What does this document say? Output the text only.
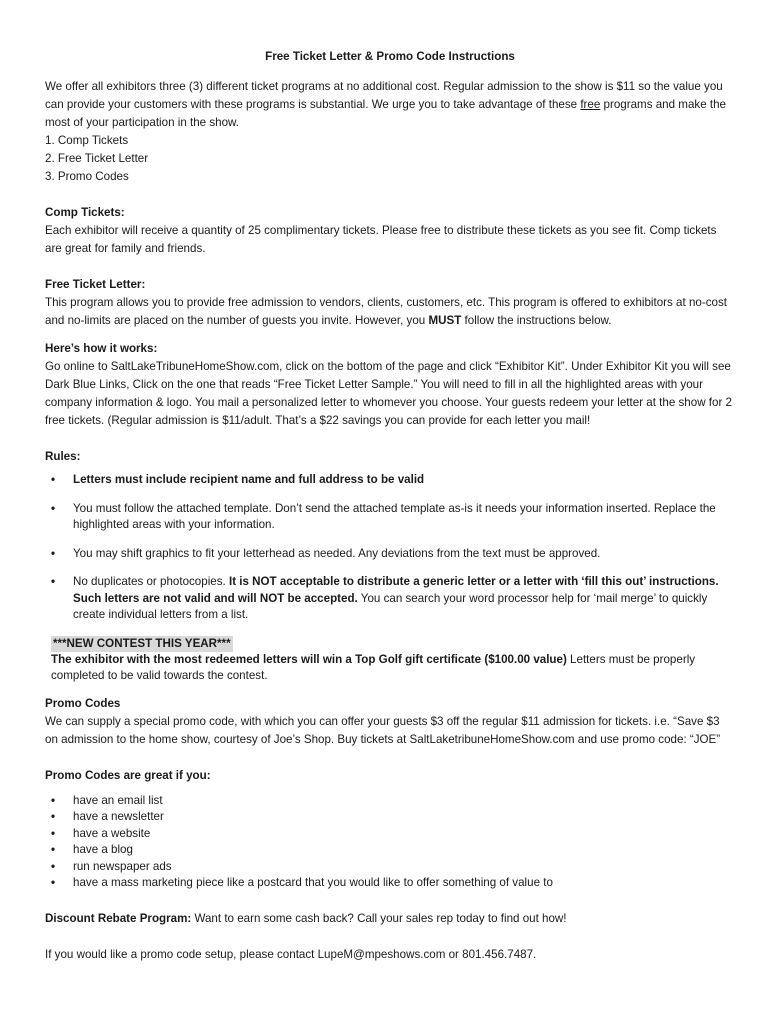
Free Ticket Letter & Promo Code Instructions

We offer all exhibitors three (3) different ticket programs at no additional cost. Regular admission to the show is $11 so the value you can provide your customers with these programs is substantial. We urge you to take advantage of these free programs and make the most of your participation in the show.

1. Comp Tickets

2. Free Ticket Letter

3. Promo Codes

Comp Tickets:

Each exhibitor will receive a quantity of 25 complimentary tickets. Please free to distribute these tickets as you see fit. Comp tickets are great for family and friends.

Free Ticket Letter:

This program allows you to provide free admission to vendors, clients, customers, etc. This program is offered to exhibitors at no-cost and no-limits are placed on the number of guests you invite. However, you MUST follow the instructions below.

Here’s how it works:

Go online to SaltLakeTribuneHomeShow.com, click on the bottom of the page and click “Exhibitor Kit”. Under Exhibitor Kit you will see Dark Blue Links, Click on the one that reads “Free Ticket Letter Sample.” You will need to fill in all the highlighted areas with your company information & logo. You mail a personalized letter to whomever you choose. Your guests redeem your letter at the show for 2 free tickets. (Regular admission is $11/adult. That’s a $22 savings you can provide for each letter you mail!

Rules:

• Letters must include recipient name and full address to be valid
• You must follow the attached template. Don’t send the attached template as-is it needs your information inserted. Replace the highlighted areas with your information.
• You may shift graphics to fit your letterhead as needed. Any deviations from the text must be approved.
• No duplicates or photocopies. It is NOT acceptable to distribute a generic letter or a letter with ‘fill this out’ instructions. Such letters are not valid and will NOT be accepted. You can search your word processor help for ‘mail merge’ to quickly create individual letters from a list.
***NEW CONTEST THIS YEAR***

The exhibitor with the most redeemed letters will win a Top Golf gift certificate ($100.00 value) Letters must be properly completed to be valid towards the contest.

Promo Codes

We can supply a special promo code, with which you can offer your guests $3 off the regular $11 admission for tickets. i.e. “Save $3 on admission to the home show, courtesy of Joe’s Shop. Buy tickets at SaltLaketribuneHomeShow.com and use promo code: “JOE”

Promo Codes are great if you:

• have an email list
• have a newsletter
• have a website
• have a blog
• run newspaper ads
• have a mass marketing piece like a postcard that you would like to offer something of value to

Discount Rebate Program: Want to earn some cash back? Call your sales rep today to find out how!

If you would like a promo code setup, please contact LupeM@mpeshows.com or 801.456.7487.
